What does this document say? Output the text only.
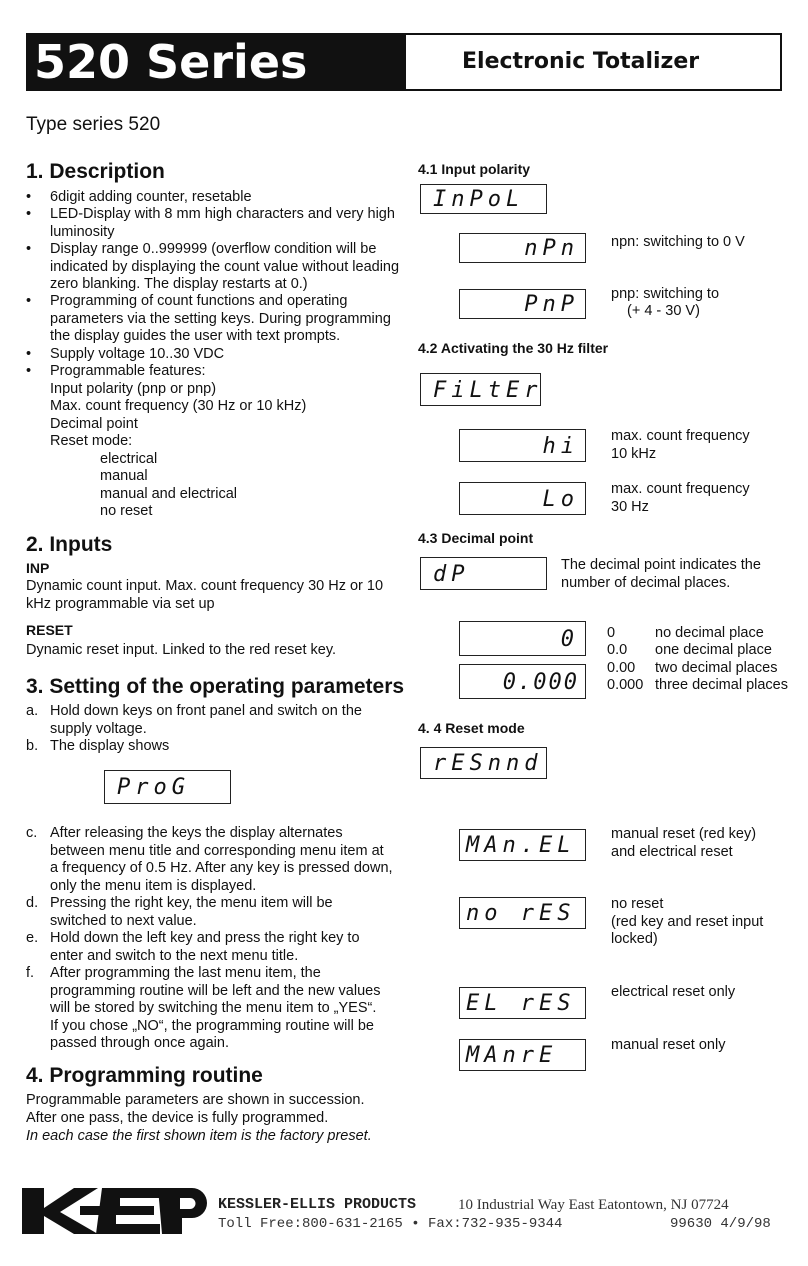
520 Series	Electronic Totalizer
Type series 520
1. Description
• 6digit adding counter, resetable
• LED-Display with 8 mm high characters and very high luminosity
• Display range 0..999999 (overflow condition will be indicated by displaying the count value without leading zero blanking. The display restarts at 0.)
• Programming of count functions and operating parameters via the setting keys. During programming the display guides the user with text prompts.
• Supply voltage 10..30 VDC
• Programmable features:
Input polarity (pnp or pnp)
Max. count frequency (30 Hz or 10 kHz)
Decimal point
Reset mode:
electrical
manual
manual and electrical
no reset
2. Inputs
INP
Dynamic count input. Max. count frequency 30 Hz or 10 kHz programmable via set up
RESET
Dynamic reset input. Linked to the red reset key.
3. Setting of the operating parameters
a. Hold down keys on front panel and switch on the supply voltage.
b. The display shows
ProG
c. After releasing the keys the display alternates between menu title and corresponding menu item at a frequency of 0.5 Hz. After any key is pressed down, only the menu item is displayed.
d. Pressing the right key, the menu item will be switched to next value.
e. Hold down the left key and press the right key to enter and switch to the next menu title.
f. After programming the last menu item, the programming routine will be left and the new values will be stored by switching the menu item to „YES“. If you chose „NO“, the programming routine will be passed through once again.
4. Programming routine
Programmable parameters are shown in succession.
After one pass, the device is fully programmed.
In each case the first shown item is the factory preset.
4.1 Input polarity
InPoL
nPn	npn: switching to 0 V
PnP	pnp: switching to
(+ 4 - 30 V)
4.2 Activating the 30 Hz filter
FiLtEr
hi	max. count frequency
10 kHz
Lo	max. count frequency
30 Hz
4.3 Decimal point
dP	The decimal point indicates the
number of decimal places.
0
0.000
0	no decimal place
0.0 one decimal place
0.00 two decimal places
0.000 three decimal places
4. 4 Reset mode
rESnnd
MAn.EL	manual reset (red key)
and electrical reset
no rES	no reset
(red key and reset input
locked)
EL rES	electrical reset only
MAnrE	manual reset only
KEP
KESSLER-ELLIS PRODUCTS	10 Industrial Way East Eatontown, NJ 07724
Toll Free:800-631-2165 • Fax:732-935-9344	99630 4/9/98
